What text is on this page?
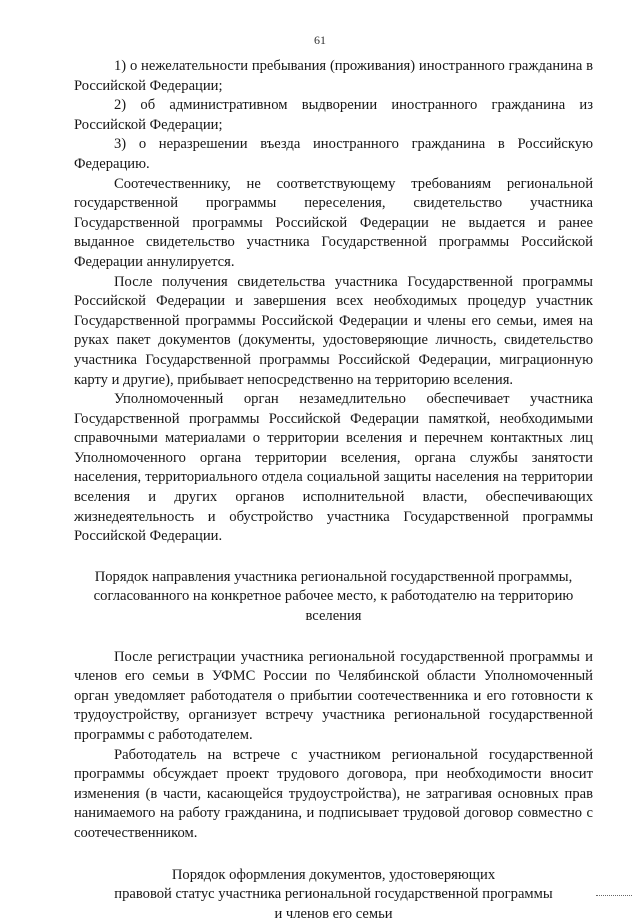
61

1) о нежелательности пребывания (проживания) иностранного гражданина в Российской Федерации;

2) об административном выдворении иностранного гражданина из Российской Федерации;

3) о неразрешении въезда иностранного гражданина в Российскую Федерацию.

Соотечественнику, не соответствующему требованиям региональной государственной программы переселения, свидетельство участника Государственной программы Российской Федерации не выдается и ранее выданное свидетельство участника Государственной программы Российской Федерации аннулируется.

После получения свидетельства участника Государственной программы Российской Федерации и завершения всех необходимых процедур участник Государственной программы Российской Федерации и члены его семьи, имея на руках пакет документов (документы, удостоверяющие личность, свидетельство участника Государственной программы Российской Федерации, миграционную карту и другие), прибывает непосредственно на территорию вселения.

Уполномоченный орган незамедлительно обеспечивает участника Государственной программы Российской Федерации памяткой, необходимыми справочными материалами о территории вселения и перечнем контактных лиц Уполномоченного органа территории вселения, органа службы занятости населения, территориального отдела социальной защиты населения на территории вселения и других органов исполнительной власти, обеспечивающих жизнедеятельность и обустройство участника Государственной программы Российской Федерации.

Порядок направления участника региональной государственной программы,

согласованного на конкретное рабочее место, к работодателю на территорию

вселения

После регистрации участника региональной государственной программы и членов его семьи в УФМС России по Челябинской области Уполномоченный орган уведомляет работодателя о прибытии соотечественника и его готовности к трудоустройству, организует встречу участника региональной государственной программы с работодателем.

Работодатель на встрече с участником региональной государственной программы обсуждает проект трудового договора, при необходимости вносит изменения (в части, касающейся трудоустройства), не затрагивая основных прав нанимаемого на работу гражданина, и подписывает трудовой договор совместно с соотечественником.

Порядок оформления документов, удостоверяющих

правовой статус участника региональной государственной программы

и членов его семьи
